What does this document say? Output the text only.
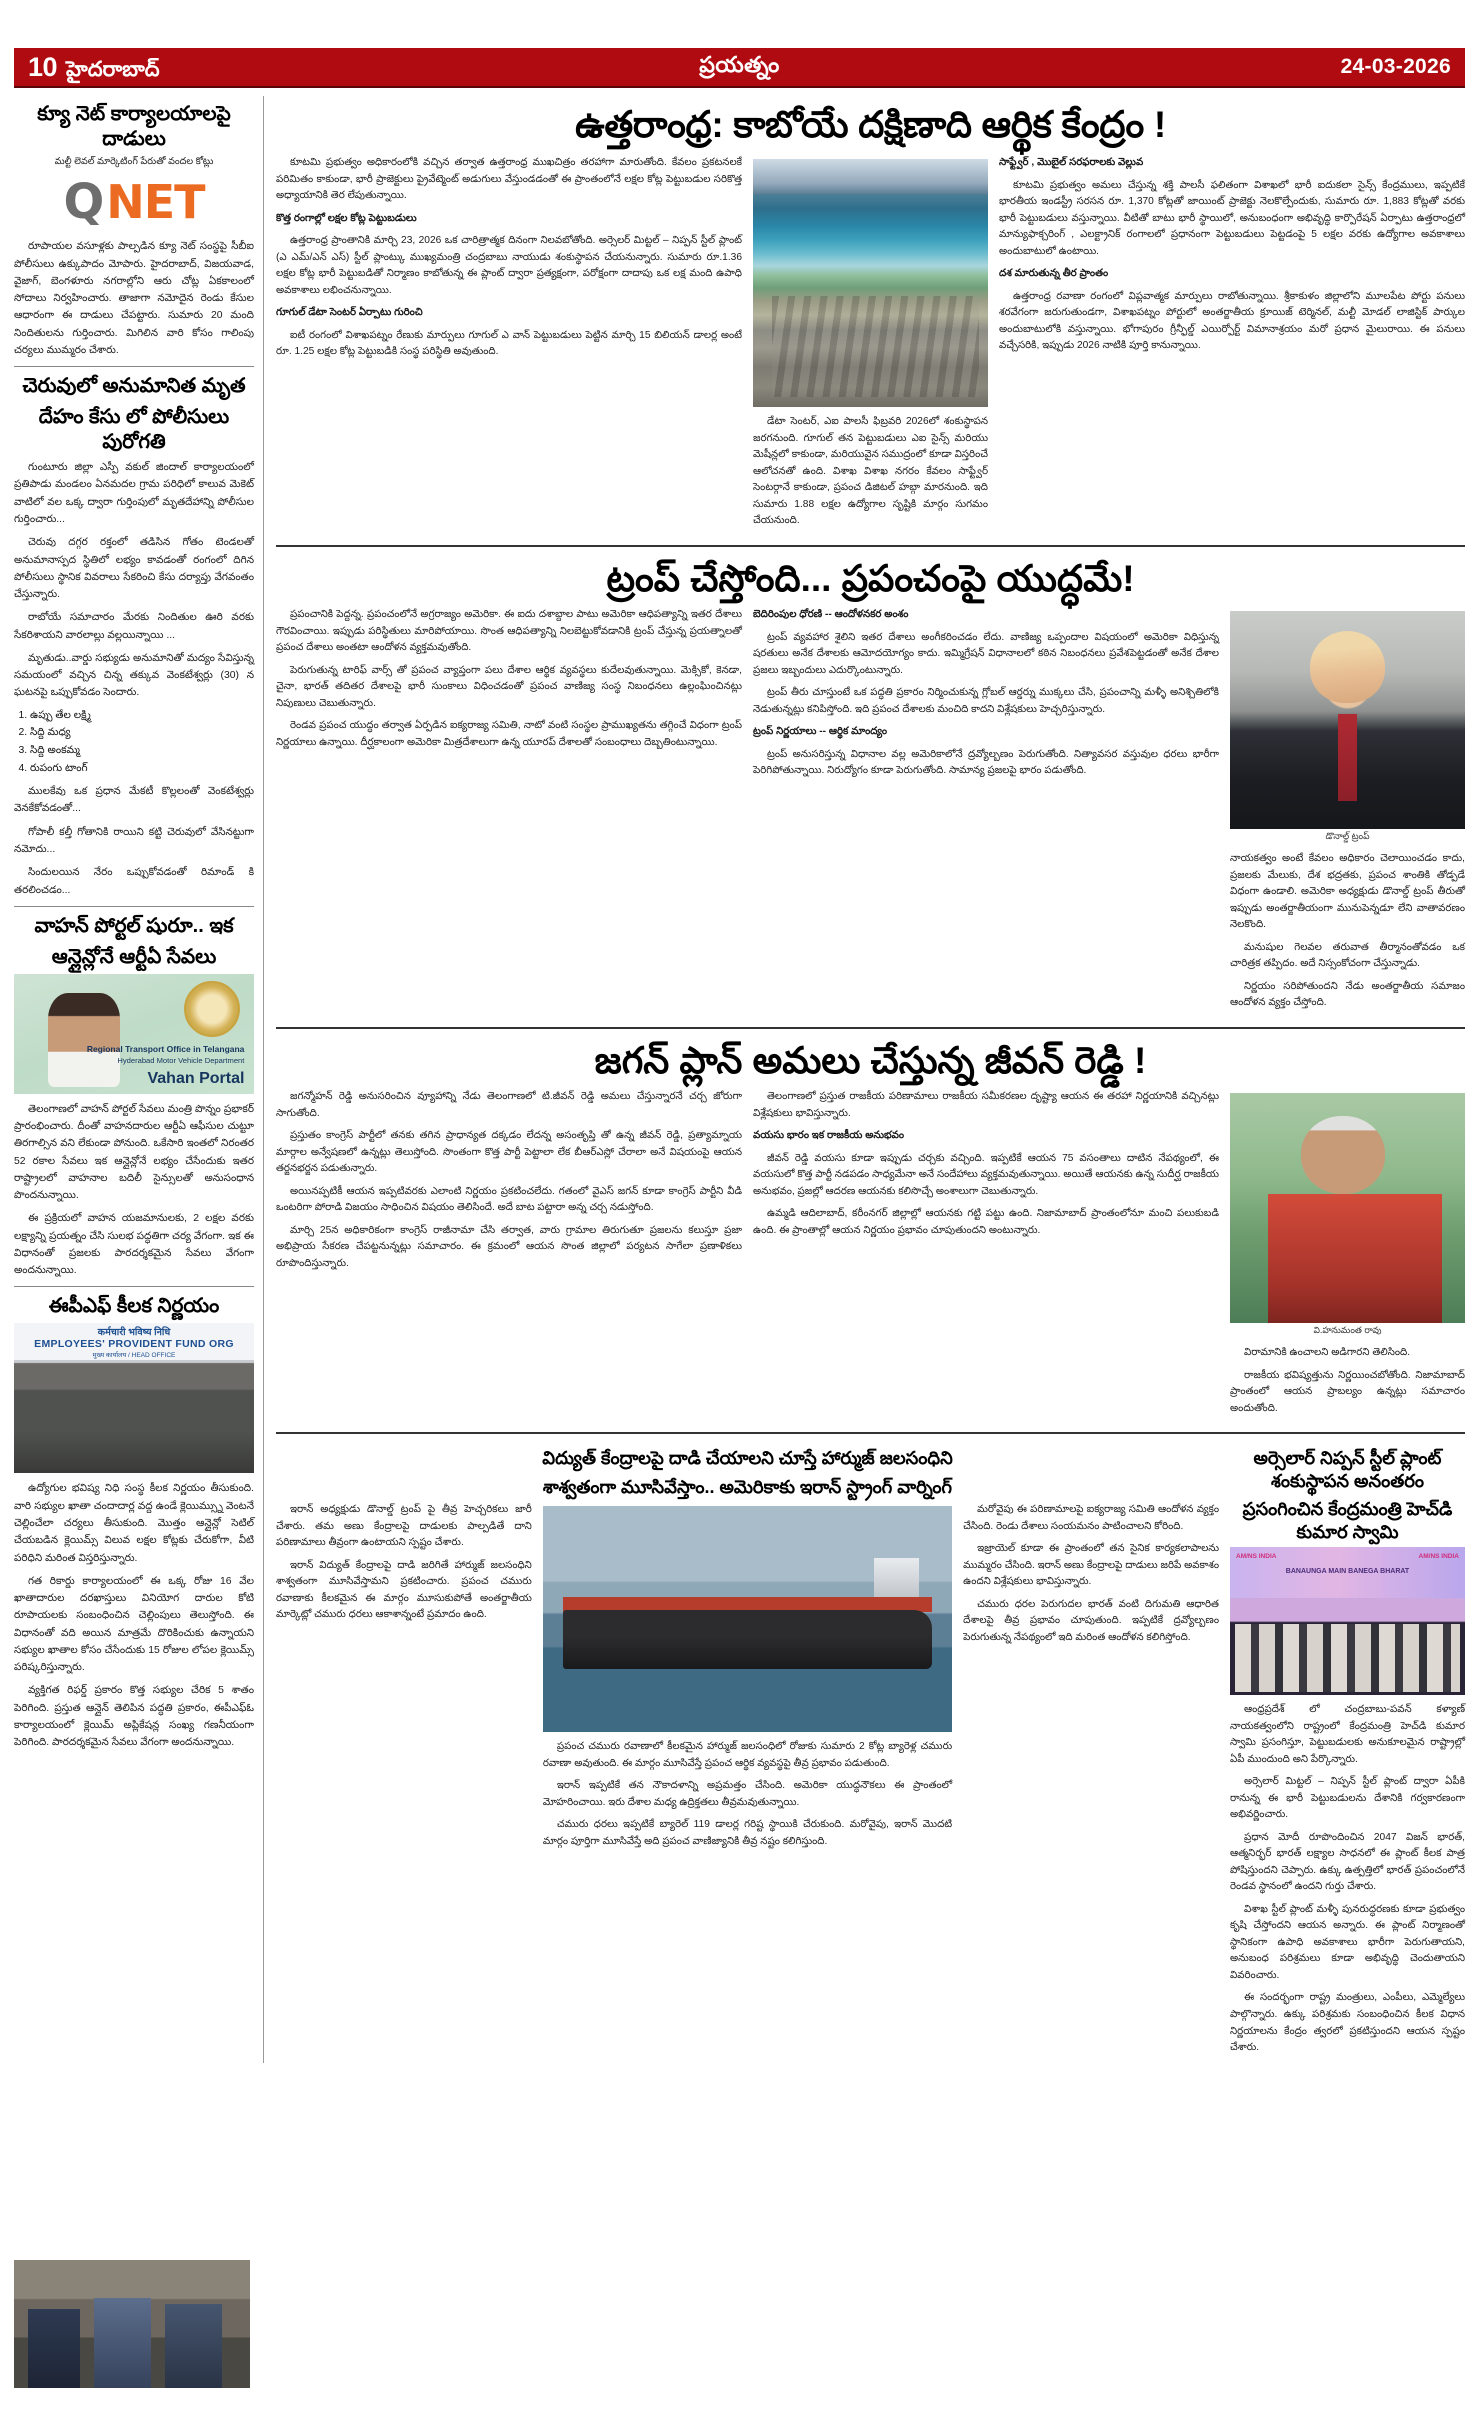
10 హైదరాబాద్	ప్రయత్నం	24-03-2026
క్యూ నెట్ కార్యాలయాలపై దాడులు
మల్టీ లెవల్ మార్కెటింగ్ పేరుతో వందల కోట్లు
Q NET

రూపాయల వసూళ్లకు పాల్పడిన క్యూ నెట్ సంస్థపై సీబీఐ పోలీసులు ఉక్కుపాదం మోపారు. హైదరాబాద్, విజయవాడ, వైజాగ్, బెంగళూరు నగరాల్లోని ఆరు చోట్ల ఏకకాలంలో సోదాలు నిర్వహించారు. తాజాగా నమోదైన రెండు కేసుల ఆధారంగా ఈ దాడులు చేపట్టారు. సుమారు 20 మంది నిందితులను గుర్తించారు. మిగిలిన వారి కోసం గాలింపు చర్యలు ముమ్మరం చేశారు.

చెరువులో అనుమానిత మృత
దేహం కేసు లో పోలీసులు పురోగతి

గుంటూరు జిల్లా ఎస్పీ వకుల్ జిందాల్ కార్యాలయంలో ప్రతిపాడు మండలం ఏనమదల గ్రామ పరిధిలో కాలువ మెకెట్ వాటిలో వల ఒక్క ద్వారా గుర్తింపులో మృతదేహాన్ని పోలీసుల గుర్తించారు...

చెరువు దగ్గర రక్తంలో తడిసిన గోతం టెండలతో అనుమానాస్పద స్థితిలో లభ్యం కావడంతో రంగంలో దిగిన పోలీసులు స్థానిక వివరాలు సేకరించి కేసు దర్యాప్తు వేగవంతం చేస్తున్నారు.

రాబోయే సమాచారం మేరకు నిందితుల ఊరి వరకు సేకరిశాయని వారలాల్లు వల్లయిన్నాయి ...

మృతుడు..వార్డు సభ్యుడు అనుమానితో మద్యం సేవిస్తున్న సమయంలో వచ్చిన చిన్న తక్కువ వెంకటేశ్వర్లు (30) న ఘటనపై ఒప్పుకోవడం సెందారు.

1. ఉప్పు తేల లక్ష్మి
2. సిద్ది మధ్య
3. సిద్ది అంకమ్మ
4. రుపంగు టాంగ్

ములకేవు ఒక ప్రధాన మేకటీ కొల్లలంతో వెంకటేశ్వర్లు వెనకేకోవడంతో...

గోపాలీ కల్తీ గోతానికి రాయిని కట్టి చెరువులో వేసినట్టుగా నమోదు...

సిందులయిన నేరం ఒప్పుకోవడంతో రిమాండ్ కి తరలించడం...

వాహన్ పోర్టల్ షురూ.. ఇక
ఆన్లైన్లోనే ఆర్టీఏ సేవలు
Regional Transport Office in Telangana
Hyderabad Motor Vehicle Department
Vahan Portal

తెలంగాణలో వాహన్ పోర్టల్ సేవలు మంత్రి పొన్నం ప్రభాకర్ ప్రారంభించారు. దీంతో వాహనదారుల ఆర్టీఏ ఆఫీసుల చుట్టూ తిరగాల్సిన వని లేకుండా పోనుంది. ఒకేసారి ఇంతలో నిరంతర 52 రకాల సేవలు ఇక ఆన్లైన్లోనే లభ్యం చేసేందుకు ఇతర రాష్ట్రాలలో వాహనాల బదిలీ సైన్సులతో అనుసంధాన పొందనున్నాయి.

ఈ ప్రక్రియలో వాహన యజమానులకు, 2 లక్షల వరకు లక్ష్యాన్ని ప్రయత్నం చేసి సులభ పద్ధతిగా చర్య వేగంగా. ఇక ఈ విధానంతో ప్రజలకు పారదర్శకమైన సేవలు వేగంగా అందనున్నాయి.

ఈపీఎఫ్ కీలక నిర్ణయం
कर्मचारी भविष्य निधि
EMPLOYEES' PROVIDENT FUND ORG
मुख्य कार्यालय / HEAD OFFICE

ఉద్యోగుల భవిష్య నిధి సంస్థ కీలక నిర్ణయం తీసుకుంది. వారి సభ్యుల ఖాతా చందాదార్ల వద్ద ఉండే క్లెయిమ్స్ను వెంటనే చెల్లించేలా చర్యలు తీసుకుంది. మొత్తం ఆన్లైన్లో సెటిల్ చేయబడిన క్లెయిమ్స్ విలువ లక్షల కోట్లకు చేరుకోగా, వీటి పరిధిని మరింత విస్తరిస్తున్నారు.

గత రికార్డు కార్యాలయంలో ఈ ఒక్క రోజు 16 వేల ఖాతాదారుల దరఖాస్తులు వినియోగ దారుల కోటి రూపాయలకు సంబంధించిన చెల్లింపులు తెలుస్తోంది. ఈ విధానంతో వది అయిన మాత్రమే దొరికించుకు ఉన్నాయని సభ్యుల ఖాతాల కోసం చేసేందుకు 15 రోజుల లోపల క్లెయిమ్స్ పరిష్కరిస్తున్నారు.

వ్యక్తిగత రిఫర్డ్ ప్రకారం కొత్త సభ్యుల చేరిక 5 శాతం పెరిగింది. ప్రస్తుత ఆన్లైన్ తెలిపిన పద్ధతి ప్రకారం, ఈపీఎఫ్ఓ కార్యాలయంలో క్లెయిమ్ అప్లికేషన్ల సంఖ్య గణనీయంగా పెరిగింది. పారదర్శకమైన సేవలు వేగంగా అందనున్నాయి.

ఉత్తరాంధ్ర: కాబోయే దక్షిణాది ఆర్థిక కేంద్రం !

కూటమి ప్రభుత్వం అధికారంలోకి వచ్చిన తర్వాత ఉత్తరాంధ్ర ముఖచిత్రం తరహాగా మారుతోంది. కేవలం ప్రకటనలకే పరిమితం కాకుండా, భారీ ప్రాజెక్టులు ప్రైవేట్మెంట్ అడుగులు వేస్తుండడంతో ఈ ప్రాంతంలోనే లక్షల కోట్ల పెట్టుబడుల సరికొత్త అధ్యాయానికి తెర లేపుతున్నాయి.

కొత్త రంగాల్లో లక్షల కోట్ల పెట్టుబడులు

ఉత్తరాంధ్ర ప్రాంతానికి మార్చి 23, 2026 ఒక చారిత్రాత్మక దినంగా నిలవబోతోంది. అర్సెలర్ మిట్టల్ – నిప్పన్ స్టీల్ ప్లాంట్ (ఎ ఎమ్/ఎన్ ఎస్) స్టీల్ ప్లాంట్కు ముఖ్యమంత్రి చంద్రబాబు నాయుడు శంకుస్థాపన చేయనున్నారు. సుమారు రూ.1.36 లక్షల కోట్ల భారీ పెట్టుబడితో నిర్మాణం కాబోతున్న ఈ ప్లాంట్ ద్వారా ప్రత్యక్షంగా, పరోక్షంగా దాదాపు ఒక లక్ష మంది ఉపాధి అవకాశాలు లభించనున్నాయి.

గూగుల్ డేటా సెంటర్ ఏర్పాటు గురించి

ఐటీ రంగంలో విశాఖపట్నం రేణుకు మార్పులు గూగుల్ ఎ వాన్ పెట్టుబడులు పెట్టిన మార్చి 15 బిలియన్ డాలర్ల అంటే రూ. 1.25 లక్షల కోట్ల పెట్టుబడికి సంస్థ పరిస్థితి అవుతుంది.

డేటా సెంటర్, ఎఐ పాలసీ ఫిబ్రవరి 2026లో శంకుస్థాపన జరగనుంది. గూగుల్ తన పెట్టుబడులు ఎఐ సైన్స్ మరియు మెషీన్లలో కాకుండా, మరియువైన సముద్రంలో కూడా విస్తరించే ఆలోచనతో ఉంది. విశాఖ విశాఖ నగరం కేవలం సాఫ్ట్వేర్ సెంటర్గానే కాకుండా, ప్రపంచ డిజిటల్ హబ్గా మారనుంది. ఇది సుమారు 1.88 లక్షల ఉద్యోగాల సృష్టికి మార్గం సుగమం చేయనుంది.

సాఫ్ట్వేర్ , మొబైల్ సరఫరాలకు వెల్లువ

కూటమి ప్రభుత్వం అమలు చేస్తున్న శక్తి పాలసీ ఫలితంగా విశాఖలో భారీ ఐదుకలా సైన్స్ కేంద్రములు, ఇప్పటికే భారతీయ ఇండస్ట్రీ సరసన రూ. 1,370 కోట్లతో జాయింట్ ప్రాజెక్టు నెలకొల్పేందుకు, సుమారు రూ. 1,883 కోట్లతో వరకు భారీ పెట్టుబడులు వస్తున్నాయి. వీటితో బాటు భారీ స్థాయిలో, అనుబంధంగా అభివృద్ధి కార్పొరేషన్ ఏర్పాటు ఉత్తరాంధ్రలో మాన్యుఫాక్చరింగ్ , ఎలక్ట్రానిక్ రంగాలలో ప్రధానంగా పెట్టుబడులు పెట్టడంపై 5 లక్షల వరకు ఉద్యోగాల అవకాశాలు అందుబాటులో ఉంటాయి.

దశ మారుతున్న తీర ప్రాంతం

ఉత్తరాంధ్ర రవాణా రంగంలో విప్లవాత్మక మార్పులు రాబోతున్నాయి. శ్రీకాకుళం జిల్లాలోని మూలపేట పోర్టు పనులు శరవేగంగా జరుగుతుండగా, విశాఖపట్నం పోర్టులో అంతర్జాతీయ క్రూయిజ్ టెర్మినల్, మల్టీ మోడల్ లాజిస్టిక్ పార్కుల అందుబాటులోకి వస్తున్నాయి. భోగాపురం గ్రీన్ఫీల్డ్ ఎయిర్పోర్ట్ విమానాశ్రయం మరో ప్రధాన మైలురాయి. ఈ పనులు వచ్చేసరికి, ఇప్పుడు 2026 నాటికి పూర్తి కానున్నాయి.

ట్రంప్ చేస్తోంది... ప్రపంచంపై యుద్ధమే!

ప్రపంచానికి పెద్దన్న. ప్రపంచంలోనే అగ్రరాజ్యం అమెరికా. ఈ ఐదు దశాబ్దాల పాటు అమెరికా ఆధిపత్యాన్ని ఇతర దేశాలు గౌరవించాయి. ఇప్పుడు పరిస్థితులు మారిపోయాయి. సొంత ఆధిపత్యాన్ని నిలబెట్టుకోవడానికి ట్రంప్ చేస్తున్న ప్రయత్నాలతో ప్రపంచ దేశాలు అంతటా ఆందోళన వ్యక్తమవుతోంది.

పెరుగుతున్న టారిఫ్ వార్స్ తో ప్రపంచ వ్యాప్తంగా పలు దేశాల ఆర్థిక వ్యవస్థలు కుదేలవుతున్నాయి. మెక్సికో, కెనడా, చైనా, భారత్ తదితర దేశాలపై భారీ సుంకాలు విధించడంతో ప్రపంచ వాణిజ్య సంస్థ నిబంధనలు ఉల్లంఘించినట్లు నిపుణులు చెబుతున్నారు.

రెండవ ప్రపంచ యుద్ధం తర్వాత ఏర్పడిన ఐక్యరాజ్య సమితి, నాటో వంటి సంస్థల ప్రాముఖ్యతను తగ్గించే విధంగా ట్రంప్ నిర్ణయాలు ఉన్నాయి. దీర్ఘకాలంగా అమెరికా మిత్రదేశాలుగా ఉన్న యూరప్ దేశాలతో సంబంధాలు దెబ్బతింటున్నాయి.

బెదిరింపుల ధోరణి -- ఆందోళనకర అంశం

ట్రంప్ వ్యవహార శైలిని ఇతర దేశాలు అంగీకరించడం లేదు. వాణిజ్య ఒప్పందాల విషయంలో అమెరికా విధిస్తున్న షరతులు అనేక దేశాలకు ఆమోదయోగ్యం కాదు. ఇమ్మిగ్రేషన్ విధానాలలో కఠిన నిబంధనలు ప్రవేశపెట్టడంతో అనేక దేశాల ప్రజలు ఇబ్బందులు ఎదుర్కొంటున్నారు.

ట్రంప్ తీరు చూస్తుంటే ఒక పద్ధతి ప్రకారం నిర్మించుకున్న గ్లోబల్ ఆర్డర్ను ముక్కలు చేసి, ప్రపంచాన్ని మళ్ళీ అనిశ్చితిలోకి నెడుతున్నట్లు కనిపిస్తోంది. ఇది ప్రపంచ దేశాలకు మంచిది కాదని విశ్లేషకులు హెచ్చరిస్తున్నారు.

ట్రంప్ నిర్ణయాలు -- ఆర్థిక మాంద్యం

ట్రంప్ అనుసరిస్తున్న విధానాల వల్ల అమెరికాలోనే ద్రవ్యోల్బణం పెరుగుతోంది. నిత్యావసర వస్తువుల ధరలు భారీగా పెరిగిపోతున్నాయి. నిరుద్యోగం కూడా పెరుగుతోంది. సామాన్య ప్రజలపై భారం పడుతోంది.

డొనాల్డ్ ట్రంప్

నాయకత్వం అంటే కేవలం అధికారం చెలాయించడం కాదు, ప్రజలకు మేలుకు, దేశ భద్రతకు, ప్రపంచ శాంతికి తోడ్పడే విధంగా ఉండాలి. అమెరికా అధ్యక్షుడు డొనాల్డ్ ట్రంప్ తీరుతో ఇప్పుడు అంతర్జాతీయంగా మునుపెన్నడూ లేని వాతావరణం నెలకొంది.

మనుషుల గెలవల తరువాత తీర్మానంతోవడం ఒక చారిత్రక తప్పిదం. అదే నిస్సంకోచంగా చేస్తున్నాడు.

నిర్ణయం సరిపోతుందని నేడు అంతర్జాతీయ సమాజం ఆందోళన వ్యక్తం చేస్తోంది.

జగన్ ప్లాన్ అమలు చేస్తున్న జీవన్ రెడ్డి !

జగన్మోహన్ రెడ్డి అనుసరించిన వ్యూహాన్ని నేడు తెలంగాణలో టి.జీవన్ రెడ్డి అమలు చేస్తున్నారనే చర్చ జోరుగా సాగుతోంది.

ప్రస్తుతం కాంగ్రెస్ పార్టీలో తనకు తగిన ప్రాధాన్యత దక్కడం లేదన్న అసంతృప్తి తో ఉన్న జీవన్ రెడ్డి, ప్రత్యామ్నాయ మార్గాల అన్వేషణలో ఉన్నట్లు తెలుస్తోంది. సొంతంగా కొత్త పార్టీ పెట్టాలా లేక బీఆర్ఎస్లో చేరాలా అనే విషయంపై ఆయన తర్జనభర్జన పడుతున్నారు.

అయినప్పటికీ ఆయన ఇప్పటివరకు ఎలాంటి నిర్ణయం ప్రకటించలేదు. గతంలో వైఎస్ జగన్ కూడా కాంగ్రెస్ పార్టీని వీడి ఒంటరిగా పోరాడి విజయం సాధించిన విషయం తెలిసిందే. అదే బాట పట్టారా అన్న చర్చ నడుస్తోంది.

మార్చి 25న అధికారికంగా కాంగ్రెస్ రాజీనామా చేసి తర్వాత, వారు గ్రామాల తిరుగుతూ ప్రజలను కలుస్తూ ప్రజా అభిప్రాయ సేకరణ చేపట్టనున్నట్లు సమాచారం. ఈ క్రమంలో ఆయన సొంత జిల్లాలో పర్యటన సాగేలా ప్రణాళికలు రూపొందిస్తున్నారు.

తెలంగాణలో ప్రస్తుత రాజకీయ పరిణామాలు రాజకీయ సమీకరణల దృష్ట్యా ఆయన ఈ తరహా నిర్ణయానికి వచ్చినట్లు విశ్లేషకులు భావిస్తున్నారు.

వయసు భారం ఇక రాజకీయ అనుభవం

జీవన్ రెడ్డి వయసు కూడా ఇప్పుడు చర్చకు వచ్చింది. ఇప్పటికే ఆయన 75 వసంతాలు దాటిన నేపథ్యంలో, ఈ వయసులో కొత్త పార్టీ నడపడం సాధ్యమేనా అనే సందేహాలు వ్యక్తమవుతున్నాయి. అయితే ఆయనకు ఉన్న సుదీర్ఘ రాజకీయ అనుభవం, ప్రజల్లో ఆదరణ ఆయనకు కలిసొచ్చే అంశాలుగా చెబుతున్నారు.

ఉమ్మడి ఆదిలాబాద్, కరీంనగర్ జిల్లాల్లో ఆయనకు గట్టి పట్టు ఉంది. నిజామాబాద్ ప్రాంతంలోనూ మంచి పలుకుబడి ఉంది. ఈ ప్రాంతాల్లో ఆయన నిర్ణయం ప్రభావం చూపుతుందని అంటున్నారు.

వి.హనుమంత రావు

విరామానికి ఉంచాలని అడిగారని తెలిసింది.

రాజకీయ భవిష్యత్తును నిర్ణయించబోతోంది. నిజామాబాద్ ప్రాంతంలో ఆయన ప్రాబల్యం ఉన్నట్లు సమాచారం అందుతోంది.

విద్యుత్ కేంద్రాలపై దాడి చేయాలని చూస్తే హార్ముజ్ జలసంధిని
శాశ్వతంగా మూసివేస్తాం.. అమెరికాకు ఇరాన్ స్ట్రాంగ్ వార్నింగ్

ఇరాన్ అధ్యక్షుడు డొనాల్డ్ ట్రంప్ పై తీవ్ర హెచ్చరికలు జారీ చేశారు. తమ అణు కేంద్రాలపై దాడులకు పాల్పడితే దాని పరిణామాలు తీవ్రంగా ఉంటాయని స్పష్టం చేశారు.

ఇరాన్ విద్యుత్ కేంద్రాలపై దాడి జరిగితే హార్ముజ్ జలసంధిని శాశ్వతంగా మూసివేస్తామని ప్రకటించారు. ప్రపంచ చమురు రవాణాకు కీలకమైన ఈ మార్గం మూసుకుపోతే అంతర్జాతీయ మార్కెట్లో చమురు ధరలు ఆకాశాన్నంటే ప్రమాదం ఉంది.

ప్రపంచ చమురు రవాణాలో కీలకమైన హార్ముజ్ జలసంధిలో రోజుకు సుమారు 2 కోట్ల బ్యారెళ్ల చమురు రవాణా అవుతుంది. ఈ మార్గం మూసివేస్తే ప్రపంచ ఆర్థిక వ్యవస్థపై తీవ్ర ప్రభావం పడుతుంది.

ఇరాన్ ఇప్పటికే తన నౌకాదళాన్ని అప్రమత్తం చేసింది. అమెరికా యుద్ధనౌకలు ఈ ప్రాంతంలో మోహరించాయి. ఇరు దేశాల మధ్య ఉద్రిక్తతలు తీవ్రమవుతున్నాయి.

చమురు ధరలు ఇప్పటికే బ్యారెల్ 119 డాలర్ల గరిష్ట స్థాయికి చేరుకుంది. మరోవైపు, ఇరాన్ మొదటి మార్గం పూర్తిగా మూసివేస్తే అది ప్రపంచ వాణిజ్యానికి తీవ్ర నష్టం కలిగిస్తుంది.

మరోవైపు ఈ పరిణామాలపై ఐక్యరాజ్య సమితి ఆందోళన వ్యక్తం చేసింది. రెండు దేశాలు సంయమనం పాటించాలని కోరింది.

ఇజ్రాయెల్ కూడా ఈ ప్రాంతంలో తన సైనిక కార్యకలాపాలను ముమ్మరం చేసింది. ఇరాన్ అణు కేంద్రాలపై దాడులు జరిపే అవకాశం ఉందని విశ్లేషకులు భావిస్తున్నారు.

చమురు ధరల పెరుగుదల భారత్ వంటి దిగుమతి ఆధారిత దేశాలపై తీవ్ర ప్రభావం చూపుతుంది. ఇప్పటికే ద్రవ్యోల్బణం పెరుగుతున్న నేపథ్యంలో ఇది మరింత ఆందోళన కలిగిస్తోంది.

అర్సెలార్ నిప్పన్ స్టీల్ ప్లాంట్ శంకుస్థాపన అనంతరం
ప్రసంగించిన కేంద్రమంత్రి హెచ్‌డి కుమార స్వామి
AM/NS INDIA
BANAUNGA MAIN BANEGA BHARAT
AM/NS INDIA

ఆంధ్రప్రదేశ్ లో చంద్రబాబు-పవన్ కళ్యాణ్ నాయకత్వంలోని రాష్ట్రంలో కేంద్రమంత్రి హెచ్‌డి కుమార స్వామి ప్రసంగిస్తూ, పెట్టుబడులకు అనుకూలమైన రాష్ట్రాల్లో ఏపీ ముందుంది అని పేర్కొన్నారు.

అర్సెలార్ మిట్టల్ – నిప్పన్ స్టీల్ ప్లాంట్ ద్వారా ఏపీకి రానున్న ఈ భారీ పెట్టుబడులను దేశానికి గర్వకారణంగా అభివర్ణించారు.

ప్రధాన మోదీ రూపొందించిన 2047 విజన్ భారత్, ఆత్మనిర్భర్ భారత్ లక్ష్యాల సాధనలో ఈ ప్లాంట్ కీలక పాత్ర పోషిస్తుందని చెప్పారు. ఉక్కు ఉత్పత్తిలో భారత్ ప్రపంచంలోనే రెండవ స్థానంలో ఉందని గుర్తు చేశారు.

విశాఖ స్టీల్ ప్లాంట్ మళ్ళీ పునరుద్ధరణకు కూడా ప్రభుత్వం కృషి చేస్తోందని ఆయన అన్నారు. ఈ ప్లాంట్ నిర్మాణంతో స్థానికంగా ఉపాధి అవకాశాలు భారీగా పెరుగుతాయని, అనుబంధ పరిశ్రమలు కూడా అభివృద్ధి చెందుతాయని వివరించారు.

ఈ సందర్భంగా రాష్ట్ర మంత్రులు, ఎంపీలు, ఎమ్మెల్యేలు పాల్గొన్నారు. ఉక్కు పరిశ్రమకు సంబంధించిన కీలక విధాన నిర్ణయాలను కేంద్రం త్వరలో ప్రకటిస్తుందని ఆయన స్పష్టం చేశారు.
